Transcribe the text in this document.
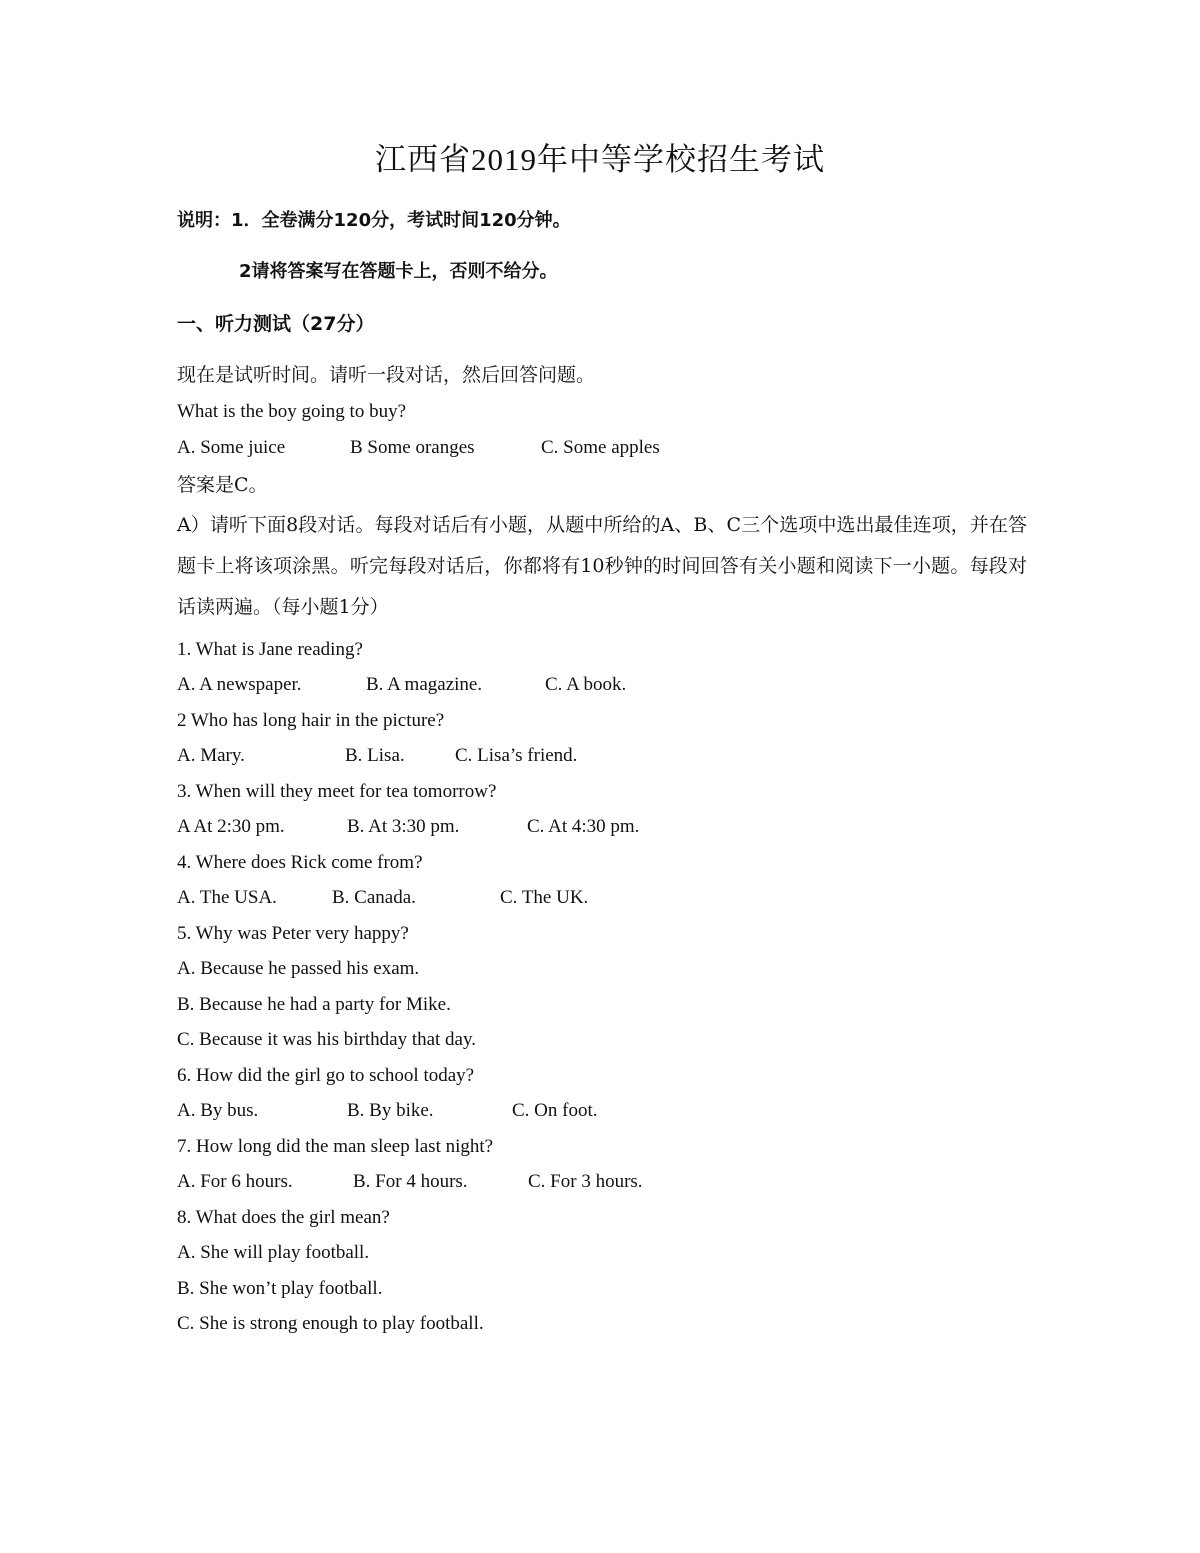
江西省2019年中等学校招生考试
说明：1．全卷满分120分，考试时间120分钟。
2请将答案写在答题卡上，否则不给分。
一、听力测试（27分）
现在是试听时间。请听一段对话，然后回答问题。
What is the boy going to buy?
A. Some juice	B Some oranges	C. Some apples
答案是C。
A）请听下面8段对话。每段对话后有小题，从题中所给的A、B、C三个选项中选出最佳连项，并在答题卡上将该项涂黑。听完每段对话后，你都将有10秒钟的时间回答有关小题和阅读下一小题。每段对话读两遍。（每小题1分）
1. What is Jane reading?
A. A newspaper.	B. A magazine.	C. A book.
2 Who has long hair in the picture?
A. Mary.	B. Lisa.	C. Lisa’s friend.
3. When will they meet for tea tomorrow?
A At 2:30 pm.	B. At 3:30 pm.	C. At 4:30 pm.
4. Where does Rick come from?
A. The USA.	B. Canada.	C. The UK.
5. Why was Peter very happy?
A. Because he passed his exam.
B. Because he had a party for Mike.
C. Because it was his birthday that day.
6. How did the girl go to school today?
A. By bus.	B. By bike.	C. On foot.
7. How long did the man sleep last night?
A. For 6 hours.	B. For 4 hours.	C. For 3 hours.
8. What does the girl mean?
A. She will play football.
B. She won’t play football.
C. She is strong enough to play football.
